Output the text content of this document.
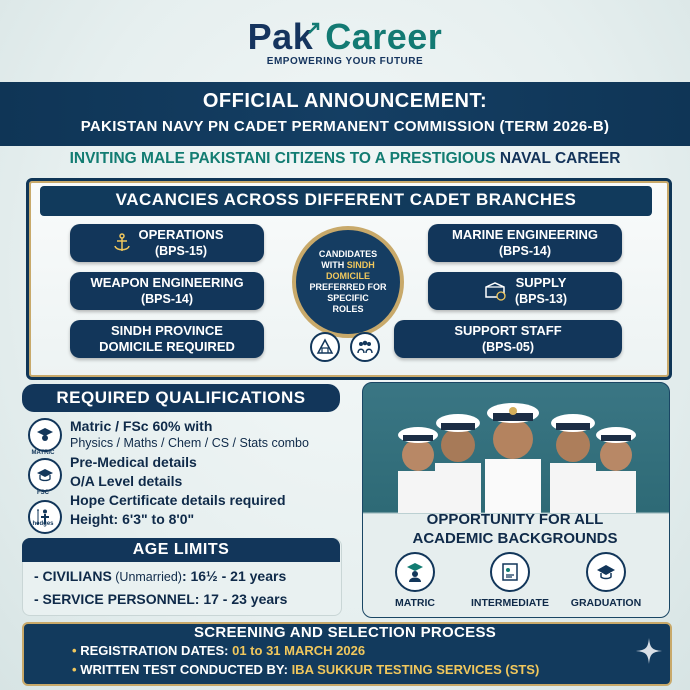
Pak Career
EMPOWERING YOUR FUTURE
OFFICIAL ANNOUNCEMENT:
PAKISTAN NAVY PN CADET PERMANENT COMMISSION (TERM 2026-B)
INVITING MALE PAKISTANI CITIZENS TO A PRESTIGIOUS NAVAL CAREER
VACANCIES ACROSS DIFFERENT CADET BRANCHES
OPERATIONS
(BPS-15)
WEAPON ENGINEERING
(BPS-14)
SINDH PROVINCE
DOMICILE REQUIRED
CANDIDATES
WITH SINDH
DOMICILE
PREFERRED FOR
SPECIFIC
ROLES
MARINE ENGINEERING
(BPS-14)
SUPPLY
(BPS-13)
SUPPORT STAFF
(BPS-05)
REQUIRED QUALIFICATIONS
MATRIC
FSC
hedges
Matric / FSc 60% with
Physics / Maths / Chem / CS / Stats combo
Pre-Medical details
O/A Level details
Hope Certificate details required
Height: 6'3" to 8'0"
AGE LIMITS
- CIVILIANS (Unmarried): 16½ - 21 years
- SERVICE PERSONNEL: 17 - 23 years
OPPORTUNITY FOR ALL
ACADEMIC BACKGROUNDS
MATRIC	INTERMEDIATE	GRADUATION
SCREENING AND SELECTION PROCESS
• REGISTRATION DATES: 01 to 31 MARCH 2026
• WRITTEN TEST CONDUCTED BY: IBA SUKKUR TESTING SERVICES (STS)
